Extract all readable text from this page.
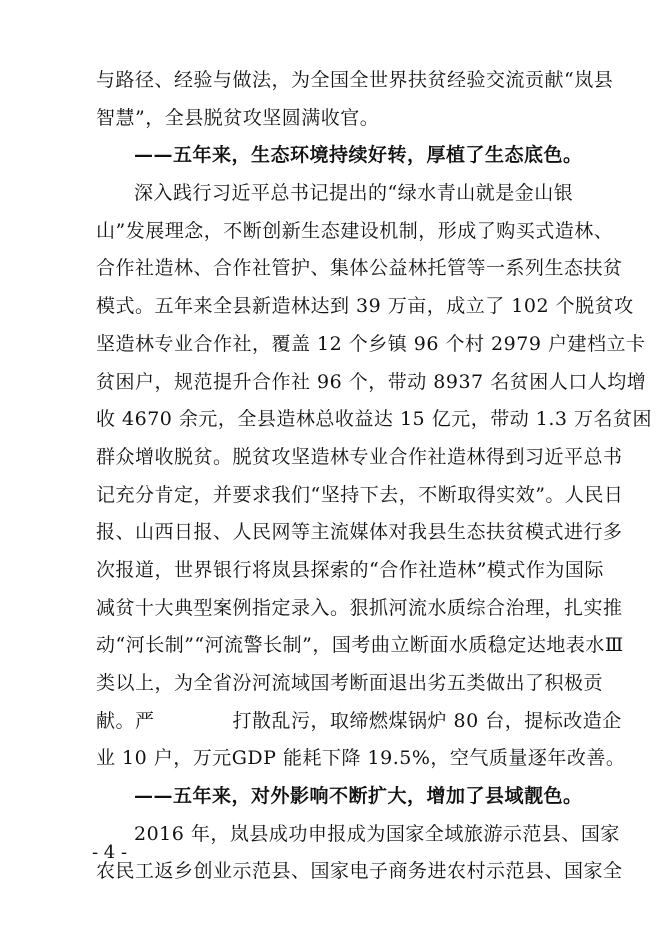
与路径、经验与做法，为全国全世界扶贫经验交流贡献“岚县
智慧”，全县脱贫攻坚圆满收官。
——五年来，生态环境持续好转，厚植了生态底色。
深入践行习近平总书记提出的“绿水青山就是金山银
山”发展理念，不断创新生态建设机制，形成了购买式造林、
合作社造林、合作社管护、集体公益林托管等一系列生态扶贫
模式。五年来全县新造林达到 39 万亩，成立了 102 个脱贫攻
坚造林专业合作社，覆盖 12 个乡镇 96 个村 2979 户建档立卡
贫困户，规范提升合作社 96 个，带动 8937 名贫困人口人均增
收 4670 余元，全县造林总收益达 15 亿元，带动 1.3 万名贫困
群众增收脱贫。脱贫攻坚造林专业合作社造林得到习近平总书
记充分肯定，并要求我们“坚持下去，不断取得实效”。人民日
报、山西日报、人民网等主流媒体对我县生态扶贫模式进行多
次报道，世界银行将岚县探索的“合作社造林”模式作为国际
减贫十大典型案例指定录入。狠抓河流水质综合治理，扎实推
动“河长制”“河流警长制”，国考曲立断面水质稳定达地表水Ⅲ
类以上，为全省汾河流域国考断面退出劣五类做出了积极贡
献。严　　　　打散乱污，取缔燃煤锅炉 80 台，提标改造企
业 10 户，万元GDP 能耗下降 19.5%，空气质量逐年改善。
——五年来，对外影响不断扩大，增加了县域靓色。
2016 年，岚县成功申报成为国家全域旅游示范县、国家
农民工返乡创业示范县、国家电子商务进农村示范县、国家全
- 4 -
